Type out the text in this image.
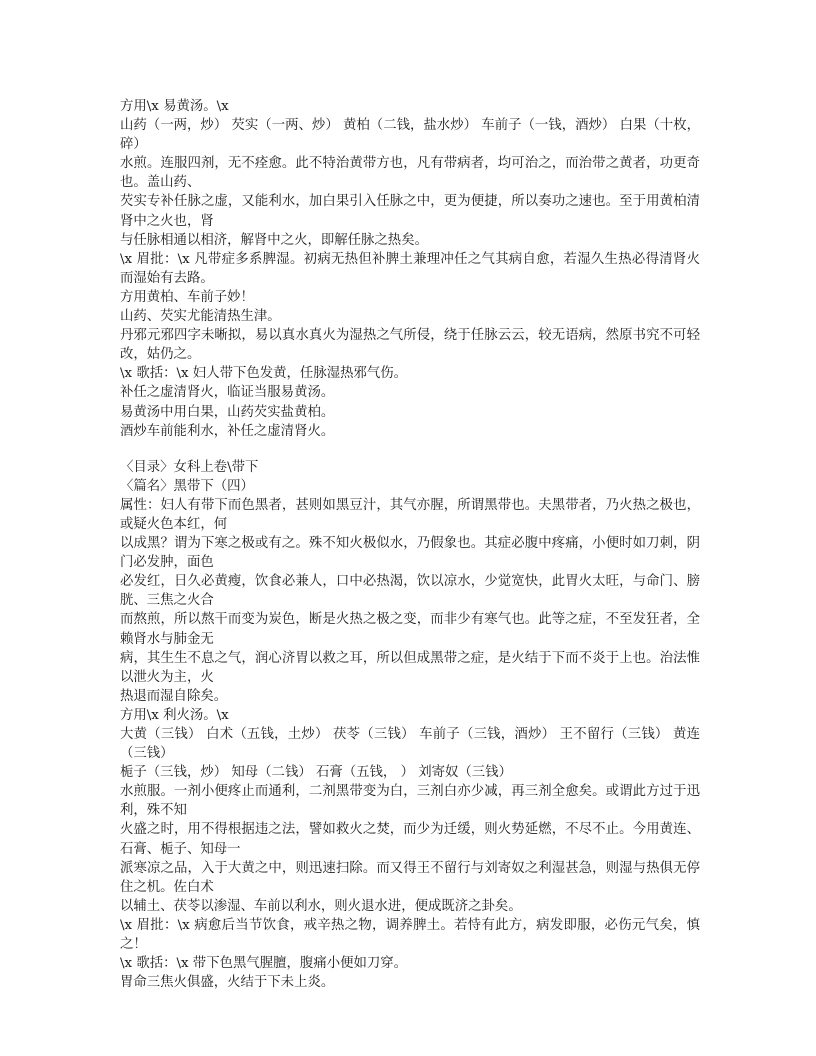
方用\x 易黄汤。\x

山药（一两，炒） 芡实（一两、炒） 黄柏（二钱，盐水炒） 车前子（一钱，酒炒） 白果（十枚，碎）

水煎。连服四剂，无不痊愈。此不特治黄带方也，凡有带病者，均可治之，而治带之黄者，功更奇也。盖山药、

芡实专补任脉之虚，又能利水，加白果引入任脉之中，更为便捷，所以奏功之速也。至于用黄柏清肾中之火也，肾

与任脉相通以相济，解肾中之火，即解任脉之热矣。

\x 眉批：\x 凡带症多系脾湿。初病无热但补脾土兼理冲任之气其病自愈，若湿久生热必得清肾火而湿始有去路。

方用黄柏、车前子妙！

山药、芡实尤能清热生津。

丹邪元邪四字未晰拟，易以真水真火为湿热之气所侵，绕于任脉云云，较无语病，然原书究不可轻改，姑仍之。

\x 歌括：\x 妇人带下色发黄，任脉湿热邪气伤。

补任之虚清肾火，临证当服易黄汤。

易黄汤中用白果，山药芡实盐黄柏。

酒炒车前能利水，补任之虚清肾火。

〈目录〉女科上卷\带下

〈篇名〉黑带下（四）

属性：妇人有带下而色黑者，甚则如黑豆汁，其气亦腥，所谓黑带也。夫黑带者，乃火热之极也，或疑火色本红，何

以成黑？谓为下寒之极或有之。殊不知火极似水，乃假象也。其症必腹中疼痛，小便时如刀刺，阴门必发肿，面色

必发红，日久必黄瘦，饮食必兼人，口中必热渴，饮以凉水，少觉宽快，此胃火太旺，与命门、膀胱、三焦之火合

而熬煎，所以熬干而变为炭色，断是火热之极之变，而非少有寒气也。此等之症，不至发狂者，全赖肾水与肺金无

病，其生生不息之气，润心济胃以救之耳，所以但成黑带之症，是火结于下而不炎于上也。治法惟以泄火为主，火

热退而湿自除矣。

方用\x 利火汤。\x

大黄（三钱） 白术（五钱，土炒） 茯苓（三钱） 车前子（三钱，酒炒） 王不留行（三钱） 黄连（三钱）

栀子（三钱，炒） 知母（二钱） 石膏（五钱， ） 刘寄奴（三钱）

水煎服。一剂小便疼止而通利，二剂黑带变为白，三剂白亦少减，再三剂全愈矣。或谓此方过于迅利，殊不知

火盛之时，用不得根据违之法，譬如救火之焚，而少为迁缓，则火势延燃，不尽不止。今用黄连、石膏、栀子、知母一

派寒凉之品，入于大黄之中，则迅速扫除。而又得王不留行与刘寄奴之利湿甚急，则湿与热俱无停住之机。佐白术

以辅土、茯苓以渗湿、车前以利水，则火退水进，便成既济之卦矣。

\x 眉批：\x 病愈后当节饮食，戒辛热之物，调养脾土。若恃有此方，病发即服，必伤元气矣，慎之！

\x 歌括：\x 带下色黑气腥膻，腹痛小便如刀穿。

胃命三焦火俱盛，火结于下未上炎。
